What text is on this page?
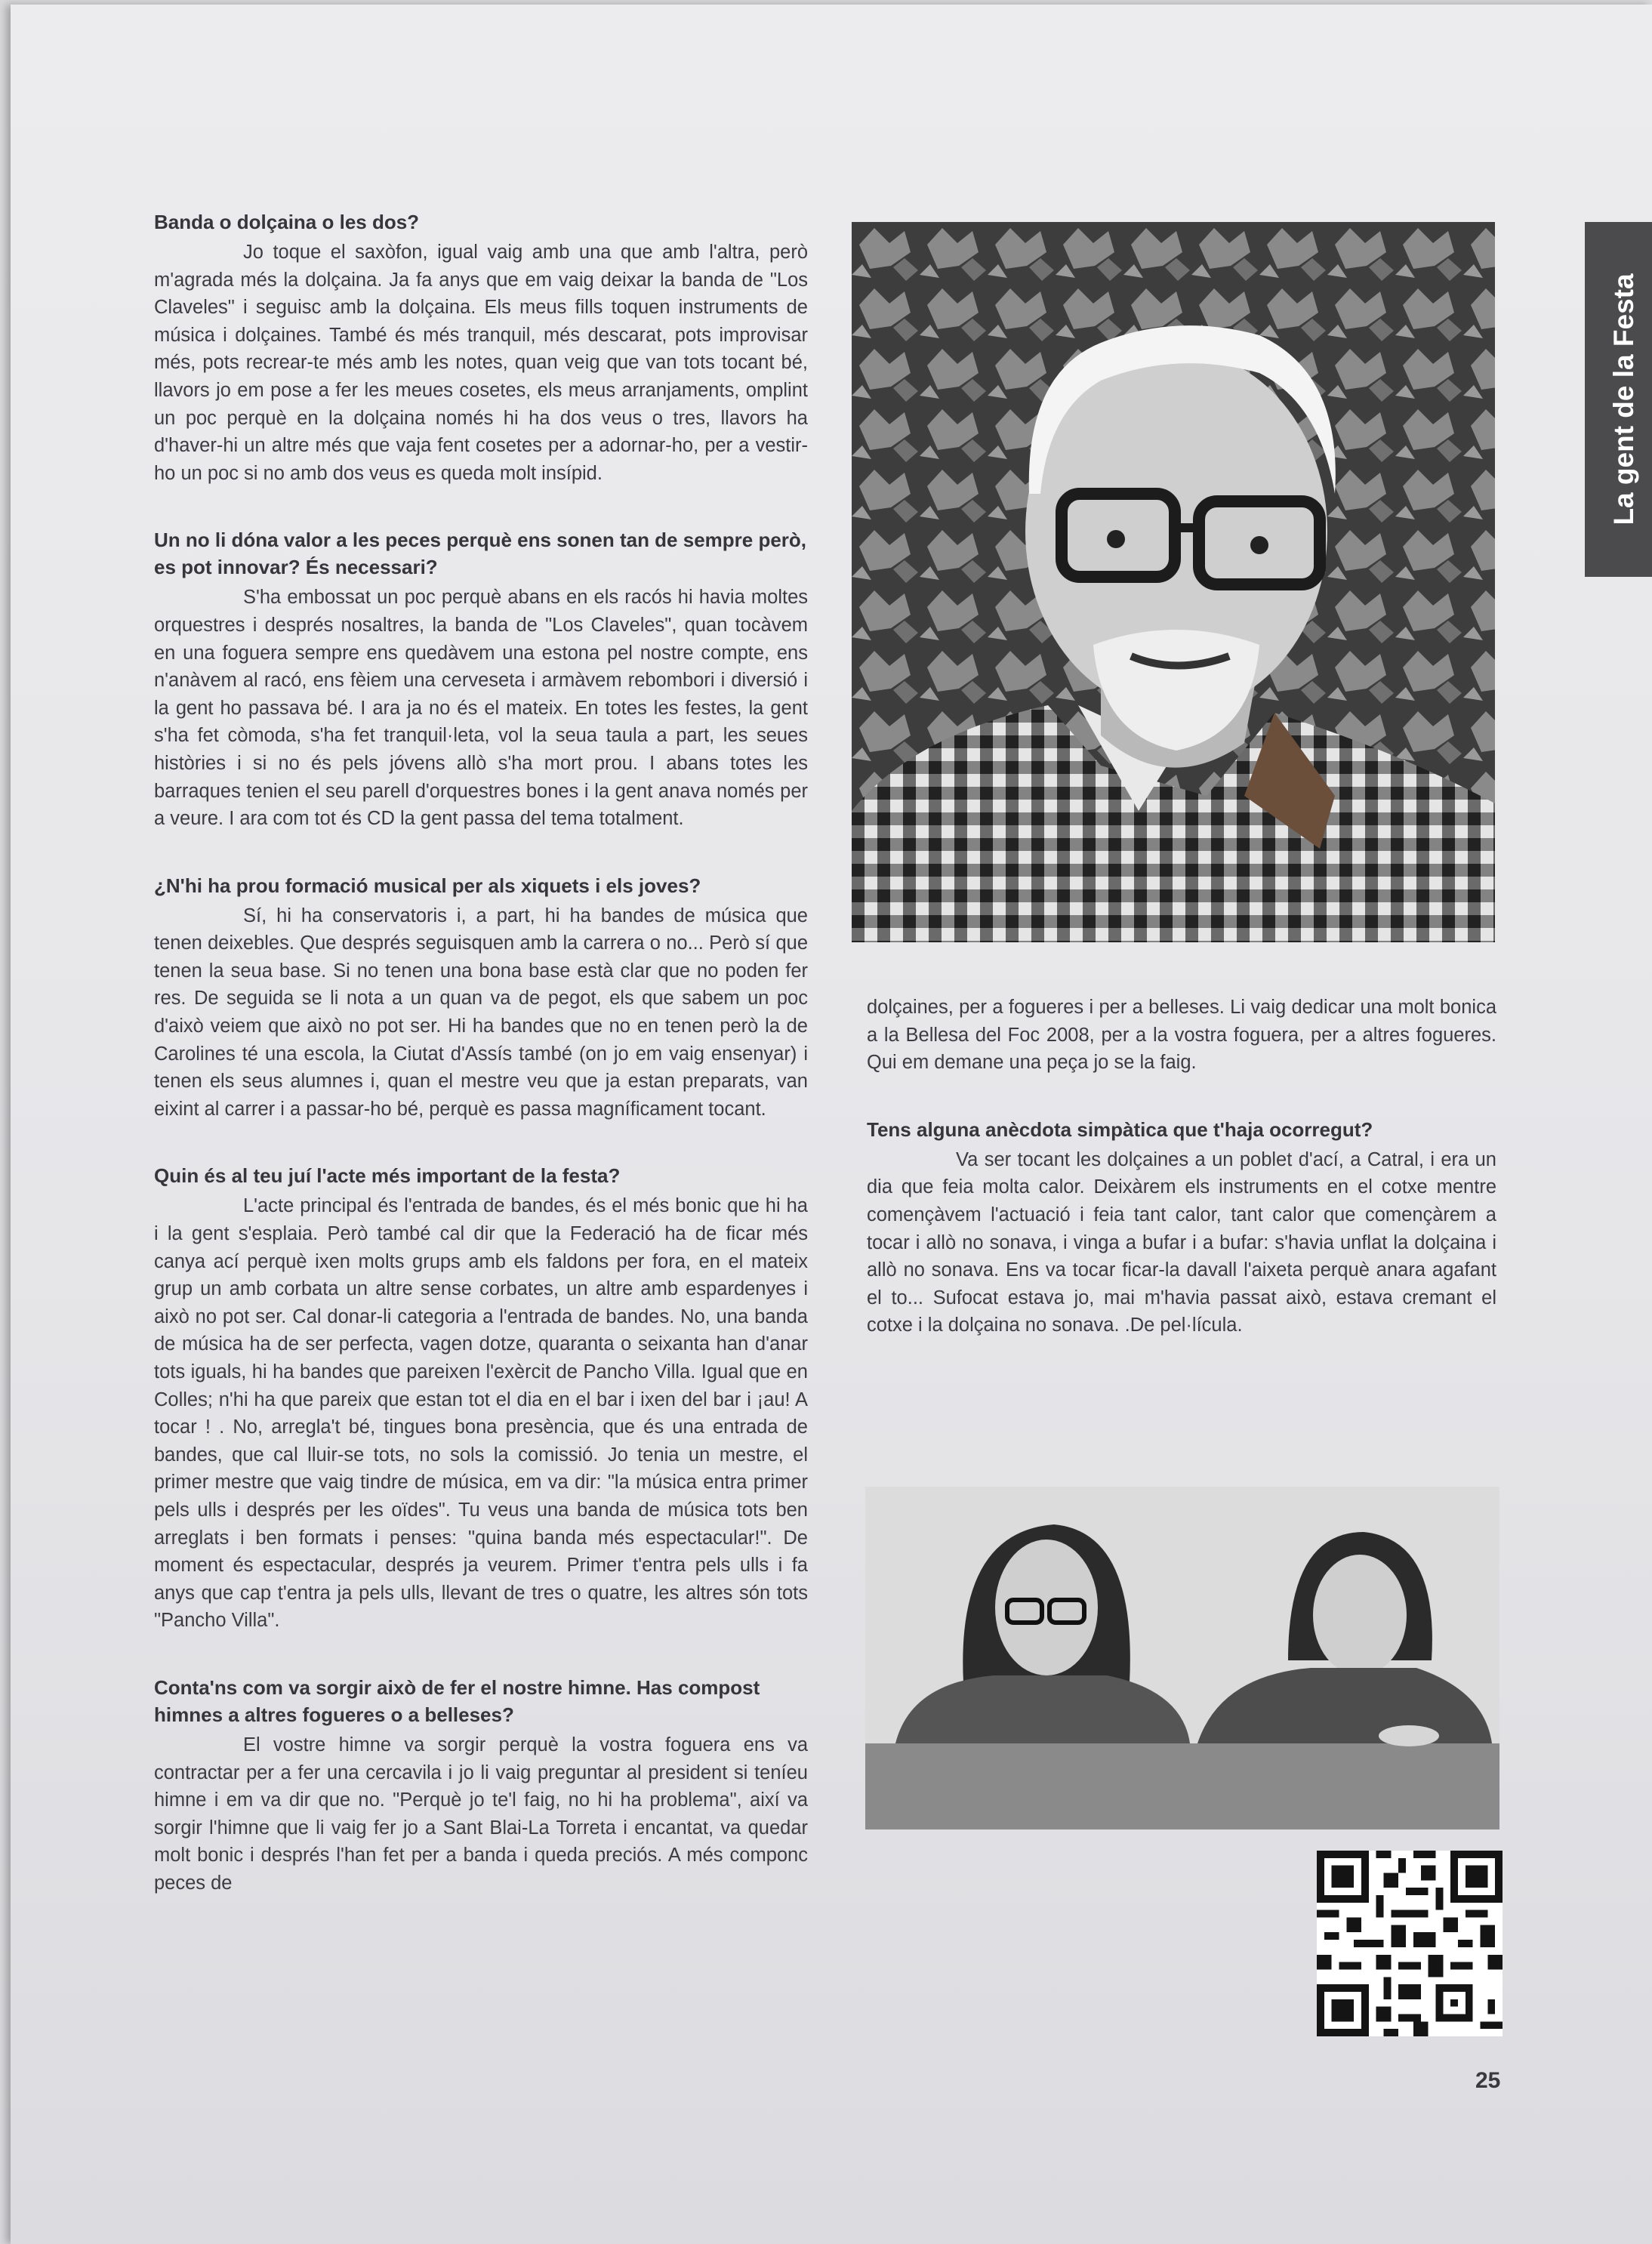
Banda o dolçaina o les dos?

Jo toque el saxòfon, igual vaig amb una que amb l'altra, però m'agrada més la dolçaina. Ja fa anys que em vaig deixar la banda de "Los Claveles" i seguisc amb la dolçaina. Els meus fills toquen instruments de música i dolçaines. També és més tranquil, més descarat, pots improvisar més, pots recrear-te més amb les notes, quan veig que van tots tocant bé, llavors jo em pose a fer les meues cosetes, els meus arranjaments, omplint un poc perquè en la dolçaina només hi ha dos veus o tres, llavors ha d'haver-hi un altre més que vaja fent cosetes per a adornar-ho, per a vestir-ho un poc si no amb dos veus es queda molt insípid.

Un no li dóna valor a les peces perquè ens sonen tan de sempre però, es pot innovar? És necessari?

S'ha embossat un poc perquè abans en els racós hi havia moltes orquestres i després nosaltres, la banda de "Los Claveles", quan tocàvem en una foguera sempre ens quedàvem una estona pel nostre compte, ens n'anàvem al racó, ens fèiem una cerveseta i armàvem rebombori i diversió i la gent ho passava bé. I ara ja no és el mateix. En totes les festes, la gent s'ha fet còmoda, s'ha fet tranquil·leta, vol la seua taula a part, les seues històries i si no és pels jóvens allò s'ha mort prou. I abans totes les barraques tenien el seu parell d'orquestres bones i la gent anava només per a veure. I ara com tot és CD la gent passa del tema totalment.

¿N'hi ha prou formació musical per als xiquets i els joves?

Sí, hi ha conservatoris i, a part, hi ha bandes de música que tenen deixebles. Que després seguisquen amb la carrera o no... Però sí que tenen la seua base. Si no tenen una bona base està clar que no poden fer res. De seguida se li nota a un quan va de pegot, els que sabem un poc d'això veiem que això no pot ser. Hi ha bandes que no en tenen però la de Carolines té una escola, la Ciutat d'Assís també (on jo em vaig ensenyar) i tenen els seus alumnes i, quan el mestre veu que ja estan preparats, van eixint al carrer i a passar-ho bé, perquè es passa magníficament tocant.

Quin és al teu juí l'acte més important de la festa?

L'acte principal és l'entrada de bandes, és el més bonic que hi ha i la gent s'esplaia. Però també cal dir que la Federació ha de ficar més canya ací perquè ixen molts grups amb els faldons per fora, en el mateix grup un amb corbata un altre sense corbates, un altre amb espardenyes i això no pot ser. Cal donar-li categoria a l'entrada de bandes. No, una banda de música ha de ser perfecta, vagen dotze, quaranta o seixanta han d'anar tots iguals, hi ha bandes que pareixen l'exèrcit de Pancho Villa. Igual que en Colles; n'hi ha que pareix que estan tot el dia en el bar i ixen del bar i ¡au! A tocar ! . No, arregla't bé, tingues bona presència, que és una entrada de bandes, que cal lluir-se tots, no sols la comissió. Jo tenia un mestre, el primer mestre que vaig tindre de música, em va dir: "la música entra primer pels ulls i després per les oïdes". Tu veus una banda de música tots ben arreglats i ben formats i penses: "quina banda més espectacular!". De moment és espectacular, després ja veurem. Primer t'entra pels ulls i fa anys que cap t'entra ja pels ulls, llevant de tres o quatre, les altres són tots "Pancho Villa".

Conta'ns com va sorgir això de fer el nostre himne. Has compost himnes a altres fogueres o a belleses?

El vostre himne va sorgir perquè la vostra foguera ens va contractar per a fer una cercavila i jo li vaig preguntar al president si teníeu himne i em va dir que no. "Perquè jo te'l faig, no hi ha problema", així va sorgir l'himne que li vaig fer jo a Sant Blai-La Torreta i encantat, va quedar molt bonic i després l'han fet per a banda i queda preciós. A més componc peces de

La gent de la Festa

dolçaines, per a fogueres i per a belleses. Li vaig dedicar una molt bonica a la Bellesa del Foc 2008, per a la vostra foguera, per a altres fogueres. Qui em demane una peça jo se la faig.

Tens alguna anècdota simpàtica que t'haja ocorregut?

Va ser tocant les dolçaines a un poblet d'ací, a Catral, i era un dia que feia molta calor. Deixàrem els instruments en el cotxe mentre començàvem l'actuació i feia tant calor, tant calor que començàrem a tocar i allò no sonava, i vinga a bufar i a bufar: s'havia unflat la dolçaina i allò no sonava. Ens va tocar ficar-la davall l'aixeta perquè anara agafant el to... Sufocat estava jo, mai m'havia passat això, estava cremant el cotxe i la dolçaina no sonava. .De pel·lícula.

25
